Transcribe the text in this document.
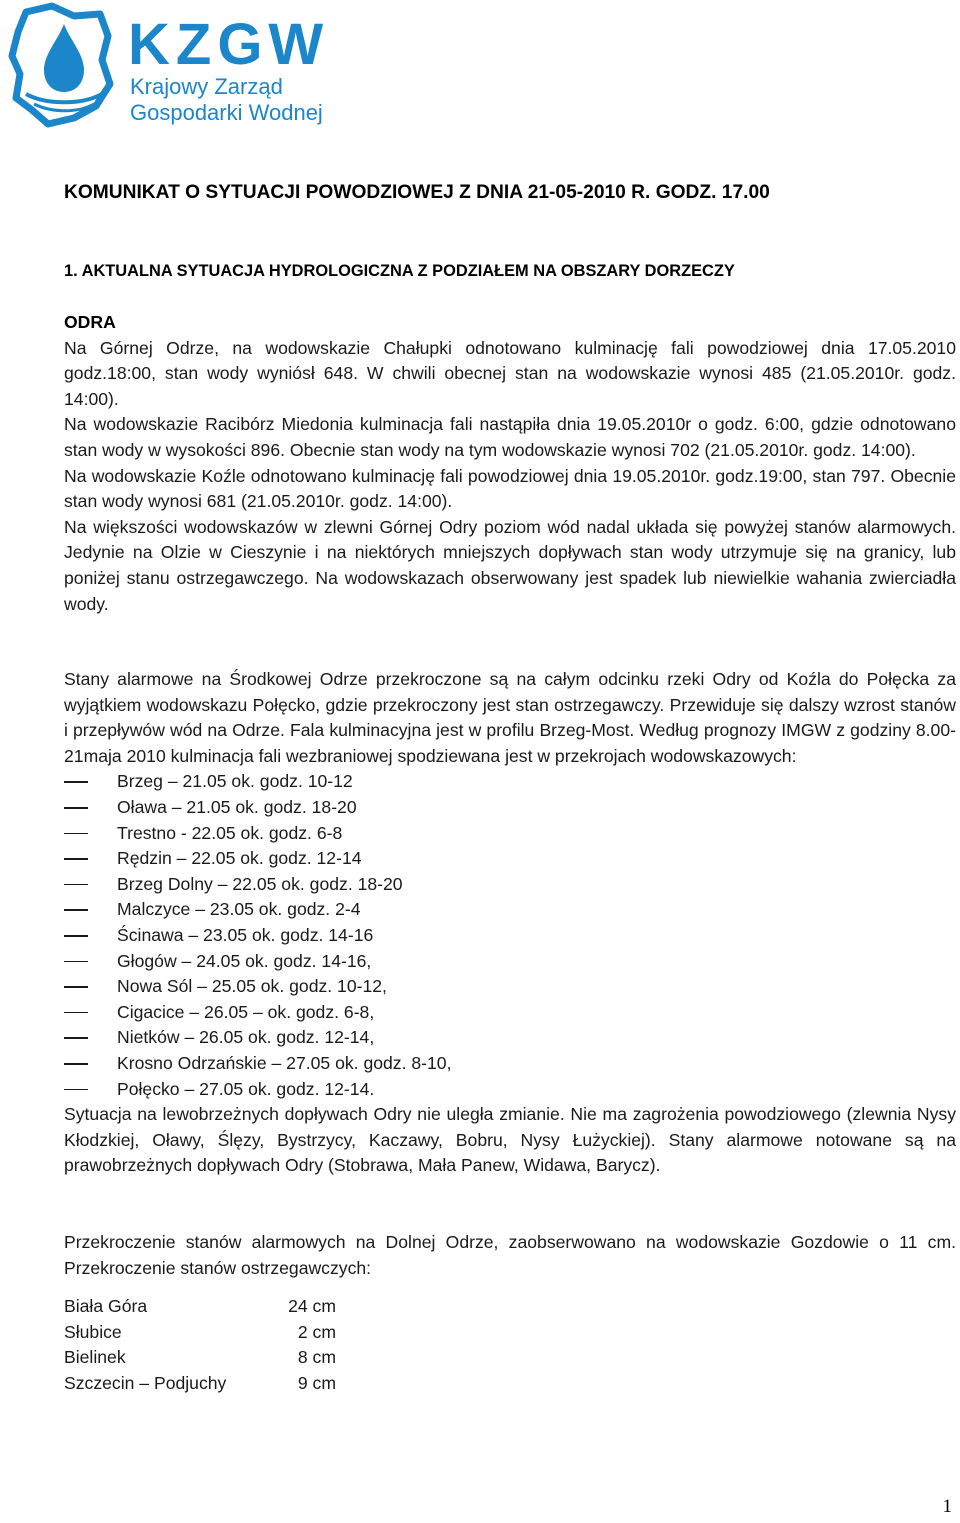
KZGW
Krajowy Zarząd
Gospodarki Wodnej
KOMUNIKAT O SYTUACJI POWODZIOWEJ Z DNIA 21-05-2010 R. GODZ. 17.00
1. AKTUALNA SYTUACJA HYDROLOGICZNA Z PODZIAŁEM NA OBSZARY DORZECZY
ODRA

Na Górnej Odrze, na wodowskazie Chałupki odnotowano kulminację fali powodziowej dnia 17.05.2010 godz.18:00, stan wody wyniósł 648. W chwili obecnej stan na wodowskazie wynosi 485 (21.05.2010r. godz. 14:00).

Na wodowskazie Racibórz Miedonia kulminacja fali nastąpiła dnia 19.05.2010r o godz. 6:00, gdzie odnotowano stan wody w wysokości 896. Obecnie stan wody na tym wodowskazie wynosi 702 (21.05.2010r. godz. 14:00).

Na wodowskazie Koźle odnotowano kulminację fali powodziowej dnia 19.05.2010r. godz.19:00, stan 797. Obecnie stan wody wynosi 681 (21.05.2010r. godz. 14:00).

Na większości wodowskazów w zlewni Górnej Odry poziom wód nadal układa się powyżej stanów alarmowych. Jedynie na Olzie w Cieszynie i na niektórych mniejszych dopływach stan wody utrzymuje się na granicy, lub poniżej stanu ostrzegawczego. Na wodowskazach obserwowany jest spadek lub niewielkie wahania zwierciadła wody.

Stany alarmowe na Środkowej Odrze przekroczone są na całym odcinku rzeki Odry od Koźla do Połęcka za wyjątkiem wodowskazu Połęcko, gdzie przekroczony jest stan ostrzegawczy. Przewiduje się dalszy wzrost stanów i przepływów wód na Odrze. Fala kulminacyjna jest w profilu Brzeg-Most. Według prognozy IMGW z godziny 8.00- 21maja 2010 kulminacja fali wezbraniowej spodziewana jest w przekrojach wodowskazowych:

Brzeg – 21.05 ok. godz. 10-12
Oława – 21.05 ok. godz. 18-20
Trestno - 22.05 ok. godz. 6-8
Rędzin – 22.05 ok. godz. 12-14
Brzeg Dolny – 22.05 ok. godz. 18-20
Malczyce – 23.05 ok. godz. 2-4
Ścinawa – 23.05 ok. godz. 14-16
Głogów – 24.05 ok. godz. 14-16,
Nowa Sól – 25.05 ok. godz. 10-12,
Cigacice – 26.05 – ok. godz. 6-8,
Nietków – 26.05 ok. godz. 12-14,
Krosno Odrzańskie – 27.05 ok. godz. 8-10,
Połęcko – 27.05 ok. godz. 12-14.

Sytuacja na lewobrzeżnych dopływach Odry nie uległa zmianie. Nie ma zagrożenia powodziowego (zlewnia Nysy Kłodzkiej, Oławy, Ślęzy, Bystrzycy, Kaczawy, Bobru, Nysy Łużyckiej). Stany alarmowe notowane są na prawobrzeżnych dopływach Odry (Stobrawa, Mała Panew, Widawa, Barycz).

Przekroczenie stanów alarmowych na Dolnej Odrze, zaobserwowano na wodowskazie Gozdowie o 11 cm. Przekroczenie stanów ostrzegawczych:

Biała Góra	24 cm
Słubice	2 cm
Bielinek	8 cm
Szczecin – Podjuchy	9 cm
1
